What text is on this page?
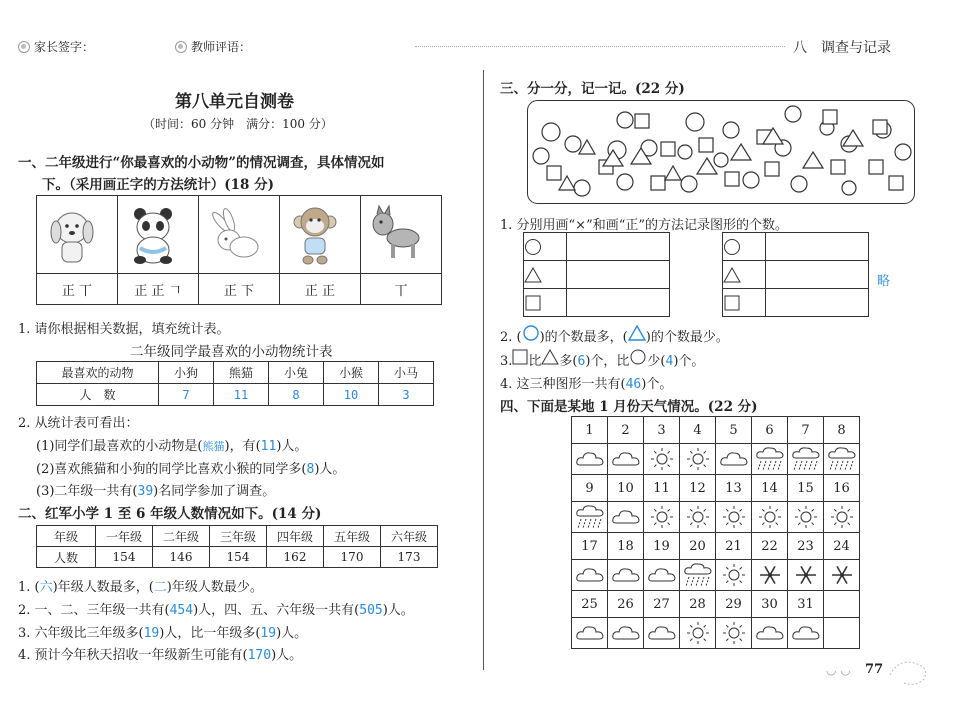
家长签字：	教师评语：	八　调查与记录
第八单元自测卷
（时间：60 分钟　满分：100 分）
一、二年级进行“你最喜欢的小动物”的情况调查，具体情况如
下。（采用画正字的方法统计）(18 分)

正 丅	正 正 𠃍	正 下	正 正	丅
1. 请你根据相关数据，填充统计表。
二年级同学最喜欢的小动物统计表
最喜欢的动物	小狗	熊猫	小兔	小猴	小马
人　数	7	11	8	10	3
2. 从统计表可看出：
(1)同学们最喜欢的小动物是( 熊猫 )，有( 11 )人。
(2)喜欢熊猫和小狗的同学比喜欢小猴的同学多( 8 )人。
(3)二年级一共有( 39 )名同学参加了调查。
二、红军小学 1 至 6 年级人数情况如下。(14 分)
年级	一年级	二年级	三年级	四年级	五年级	六年级
人数	154	146	154	162	170	173
1. ( 六 )年级人数最多，( 二 )年级人数最少。
2. 一、二、三年级一共有( 454 )人，四、五、六年级一共有( 505 )人。
3. 六年级比三年级多( 19 )人，比一年级多( 19 )人。
4. 预计今年秋天招收一年级新生可能有( 170 )人。
三、分一分，记一记。(22 分)
1. 分别用画“×”和画“正”的方法记录图形的个数。

略
2. ( )的个数最多，( )的个数最少。
3. 比 多( 6 )个，比 少( 4 )个。
4. 这三种图形一共有( 46 )个。
四、下面是某地 1 月份天气情况。(22 分)
1	2	3	4	5	6	7	8

9	10	11	12	13	14	15	16

17	18	19	20	21	22	23	24

25	26	27	28	29	30	31	

◡ ◡ 77
